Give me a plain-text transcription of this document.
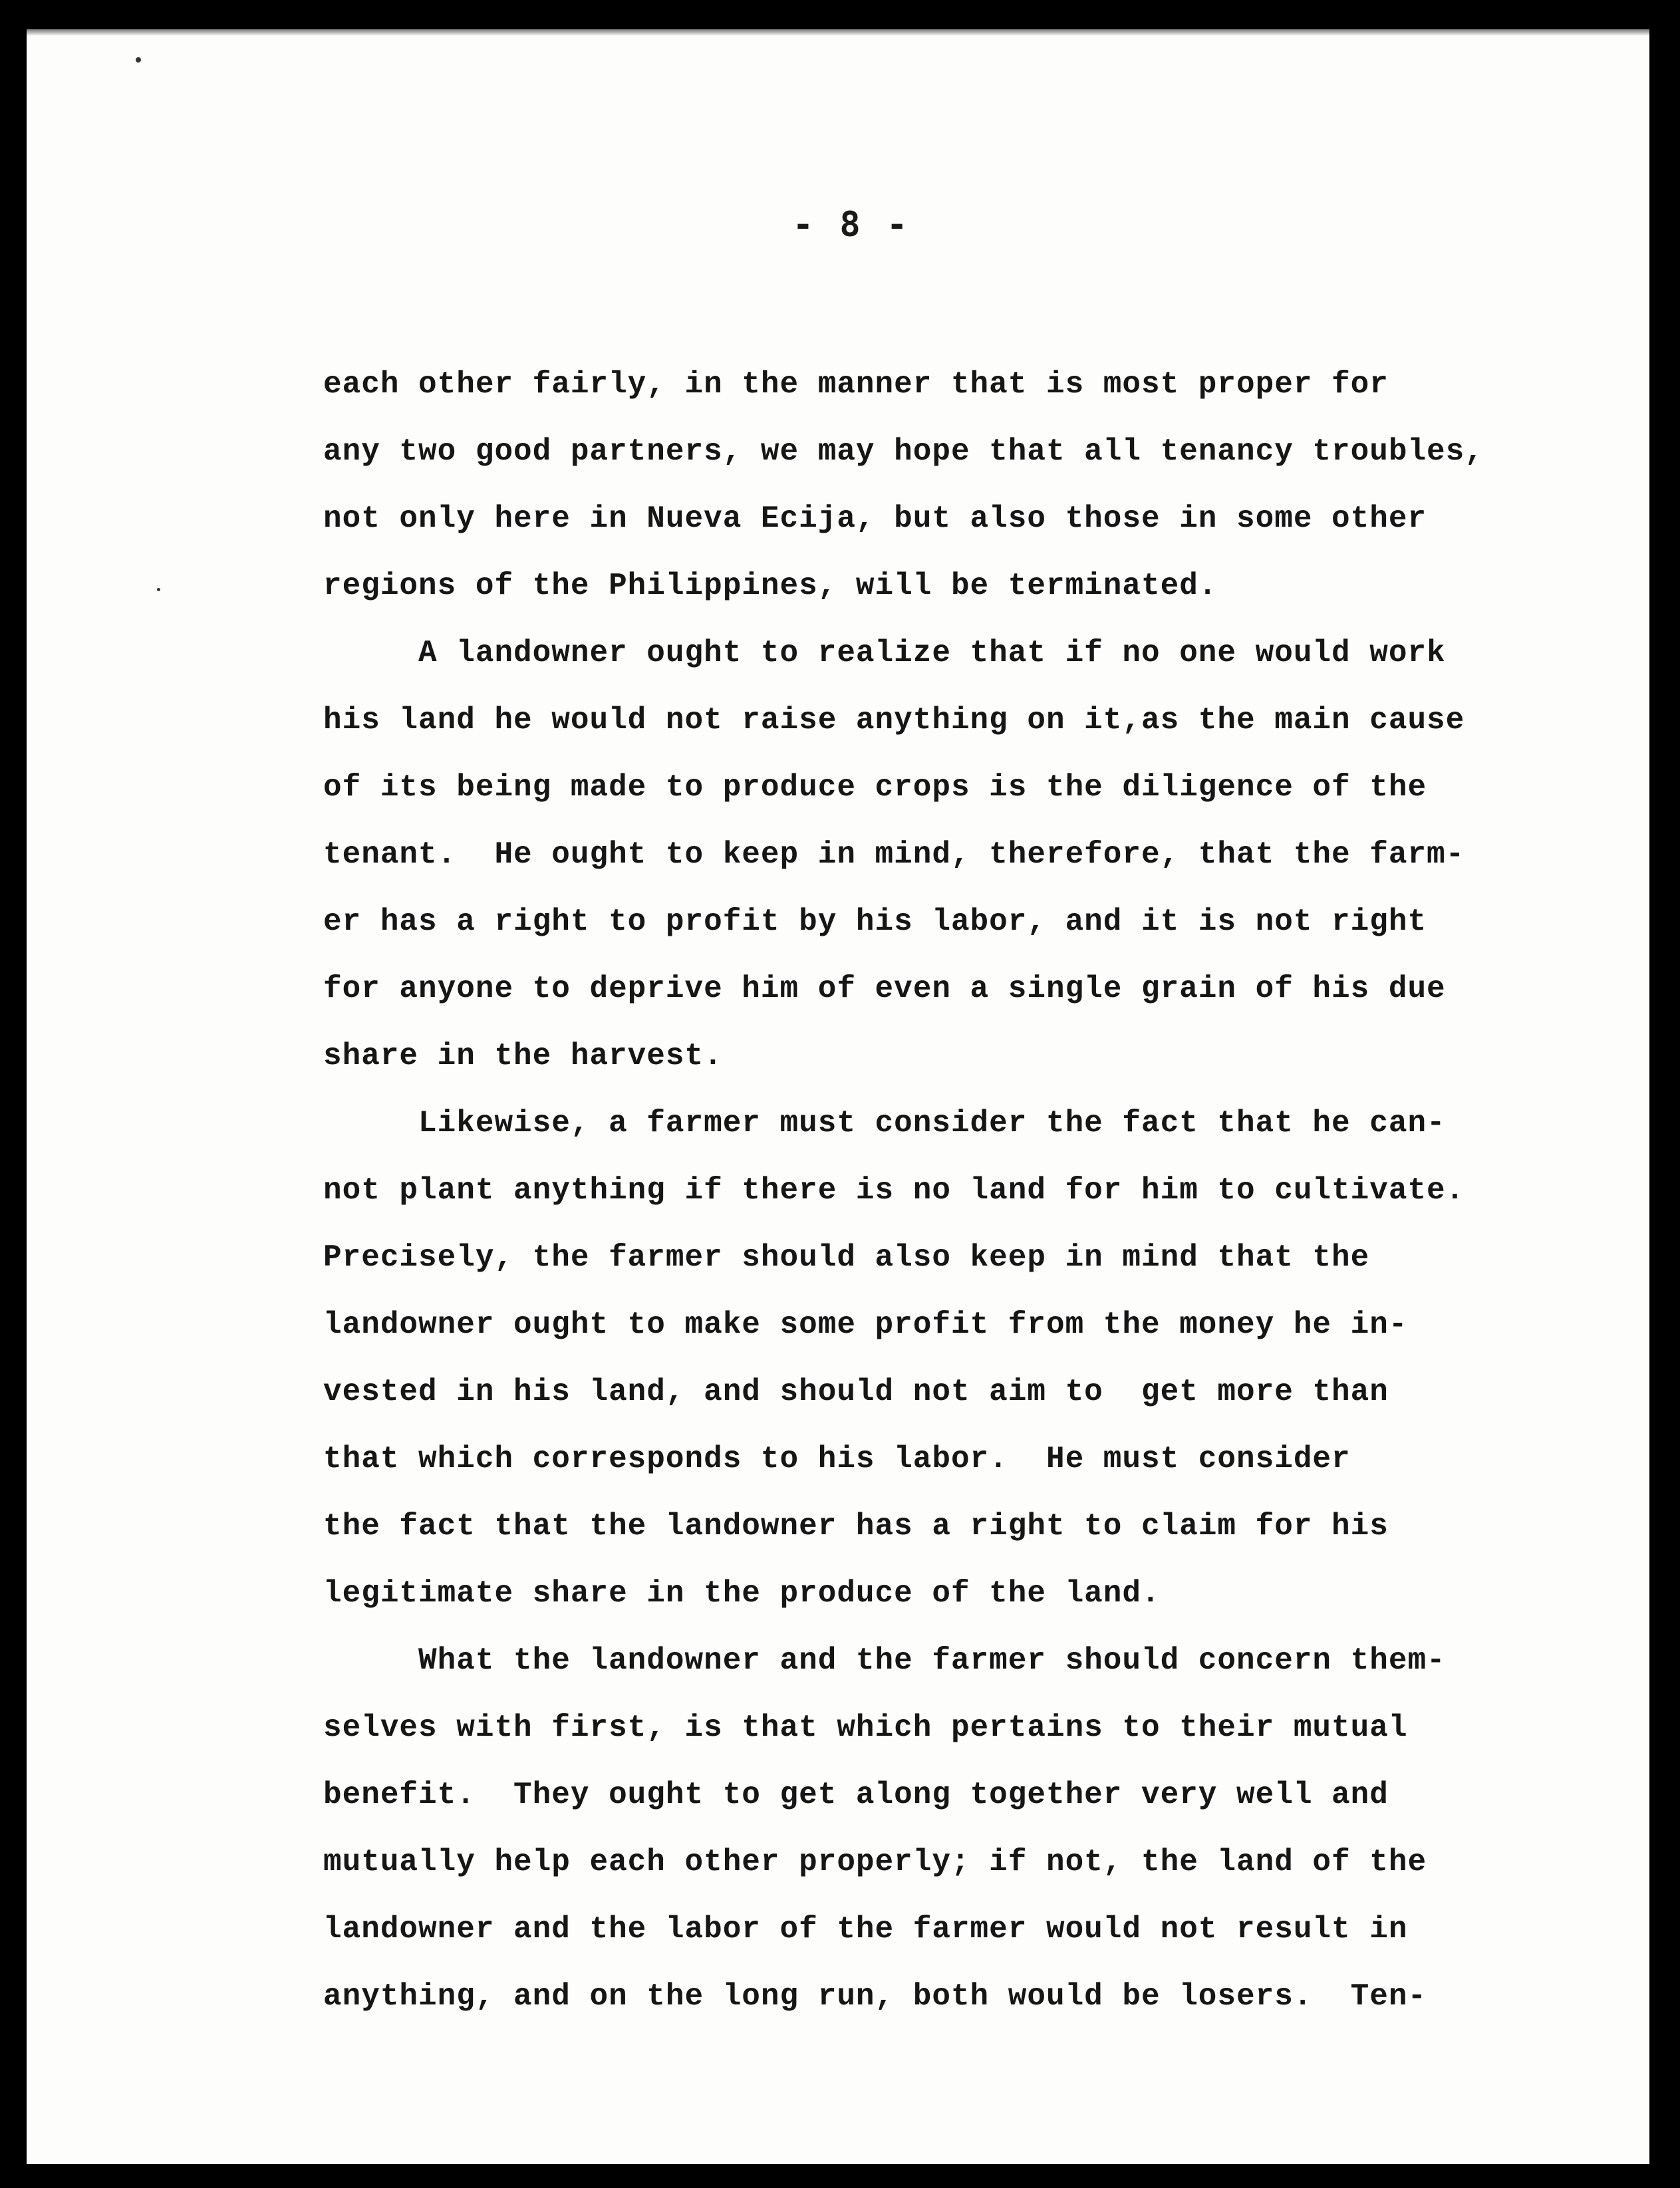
- 8 -
each other fairly, in the manner that is most proper for
any two good partners, we may hope that all tenancy troubles,
not only here in Nueva Ecija, but also those in some other
regions of the Philippines, will be terminated.
A landowner ought to realize that if no one would work
his land he would not raise anything on it,as the main cause
of its being made to produce crops is the diligence of the
tenant.  He ought to keep in mind, therefore, that the farm-
er has a right to profit by his labor, and it is not right
for anyone to deprive him of even a single grain of his due
share in the harvest.
Likewise, a farmer must consider the fact that he can-
not plant anything if there is no land for him to cultivate.
Precisely, the farmer should also keep in mind that the
landowner ought to make some profit from the money he in-
vested in his land, and should not aim to  get more than
that which corresponds to his labor.  He must consider
the fact that the landowner has a right to claim for his
legitimate share in the produce of the land.
What the landowner and the farmer should concern them-
selves with first, is that which pertains to their mutual
benefit.  They ought to get along together very well and
mutually help each other properly; if not, the land of the
landowner and the labor of the farmer would not result in
anything, and on the long run, both would be losers.  Ten-
